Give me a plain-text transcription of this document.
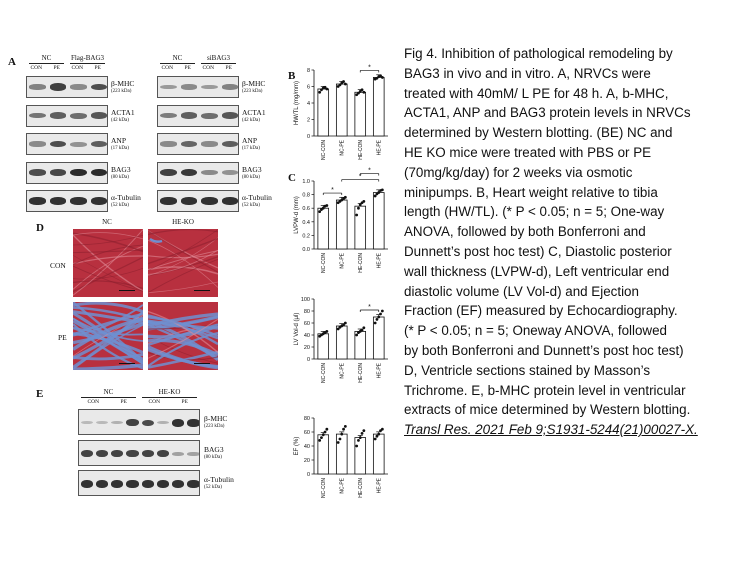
A	NC	Flag-BAG3
CON	PE	CON	PE
β-MHC
(223 kDa)
ACTA1
(42 kDa)
ANP
(17 kDa)
BAG3
(80 kDa)
α-Tubulin
(52 kDa)
NC	siBAG3
CON	PE	CON	PE
β-MHC
(223 kDa)
ACTA1
(42 kDa)
ANP
(17 kDa)
BAG3
(80 kDa)
α-Tubulin
(52 kDa)
D	NC	HE-KO
CON
PE
E	NC	HE-KO
CON	PE	CON	PE
β-MHC
(223 kDa)
BAG3
(80 kDa)
α-Tubulin
(52 kDa)
B
C
0
2
4
6
8
HW/TL (mg/mm)
NC-CON	NC-PE	HE-CON	HE-PE
*
0.0
0.2
0.4
0.6
0.8
1.0
LVPW-d (mm)
NC-CON	NC-PE	HE-CON	HE-PE
*
*
*
0
20
40
60
80
100
LV Vol-d (μl)
NC-CON	NC-PE	HE-CON	HE-PE
*
0
20
40
60
80
EF (%)
NC-CON	NC-PE	HE-CON	HE-PE
Fig 4. Inhibition of pathological remodeling by
BAG3 in vivo and in vitro. A, NRVCs were
treated with 40mM/ L PE for 48 h. A, b-MHC,
ACTA1, ANP and BAG3 protein levels in NRVCs
determined by Western blotting. (BE) NC and
HE KO mice were treated with PBS or PE
(70mg/kg/day) for 2 weeks via osmotic
minipumps. B, Heart weight relative to tibia
length (HW/TL). (* P < 0.05; n = 5; One-way
ANOVA, followed by both Bonferroni and
Dunnett’s post hoc test) C, Diastolic posterior
wall thickness (LVPW-d), Left ventricular end
diastolic volume (LV Vol-d) and Ejection
Fraction (EF) measured by Echocardiography.
(* P < 0.05; n = 5; Oneway ANOVA, followed
by both Bonferroni and Dunnett’s post hoc test)
D, Ventricle sections stained by Masson’s
Trichrome. E, b-MHC protein level in ventricular
extracts of mice determined by Western blotting.
Transl Res. 2021 Feb 9;S1931-5244(21)00027-X.
